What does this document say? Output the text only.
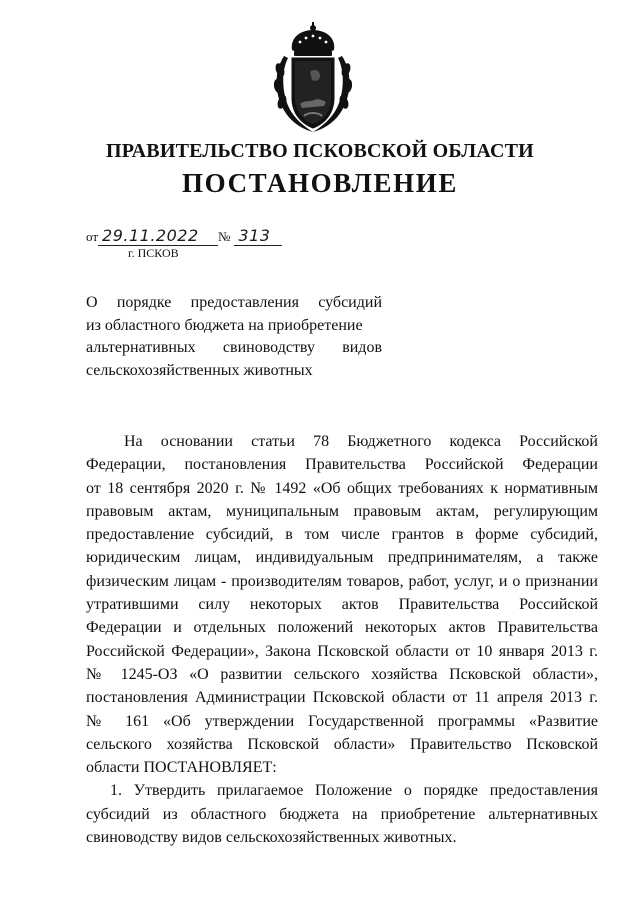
ПРАВИТЕЛЬСТВО ПСКОВСКОЙ ОБЛАСТИ
ПОСТАНОВЛЕНИЕ
от 29.11.2022	№ 313
г. ПСКОВ
О порядке предоставления субсидий
из областного бюджета на приобретение
альтернативных свиноводству видов
сельскохозяйственных животных
На основании статьи 78 Бюджетного кодекса Российской
Федерации, постановления Правительства Российской Федерации
от 18 сентября 2020 г. № 1492 «Об общих требованиях к нормативным
правовым актам, муниципальным правовым актам, регулирующим
предоставление субсидий, в том числе грантов в форме субсидий,
юридическим лицам, индивидуальным предпринимателям, а также
физическим лицам - производителям товаров, работ, услуг, и о признании
утратившими силу некоторых актов Правительства Российской
Федерации и отдельных положений некоторых актов Правительства
Российской Федерации», Закона Псковской области от 10 января 2013 г.
№ 1245-ОЗ «О развитии сельского хозяйства Псковской области»,
постановления Администрации Псковской области от 11 апреля 2013 г.
№ 161 «Об утверждении Государственной программы «Развитие
сельского хозяйства Псковской области» Правительство Псковской
области ПОСТАНОВЛЯЕТ:
1. Утвердить прилагаемое Положение о порядке предоставления
субсидий из областного бюджета на приобретение альтернативных
свиноводству видов сельскохозяйственных животных.
